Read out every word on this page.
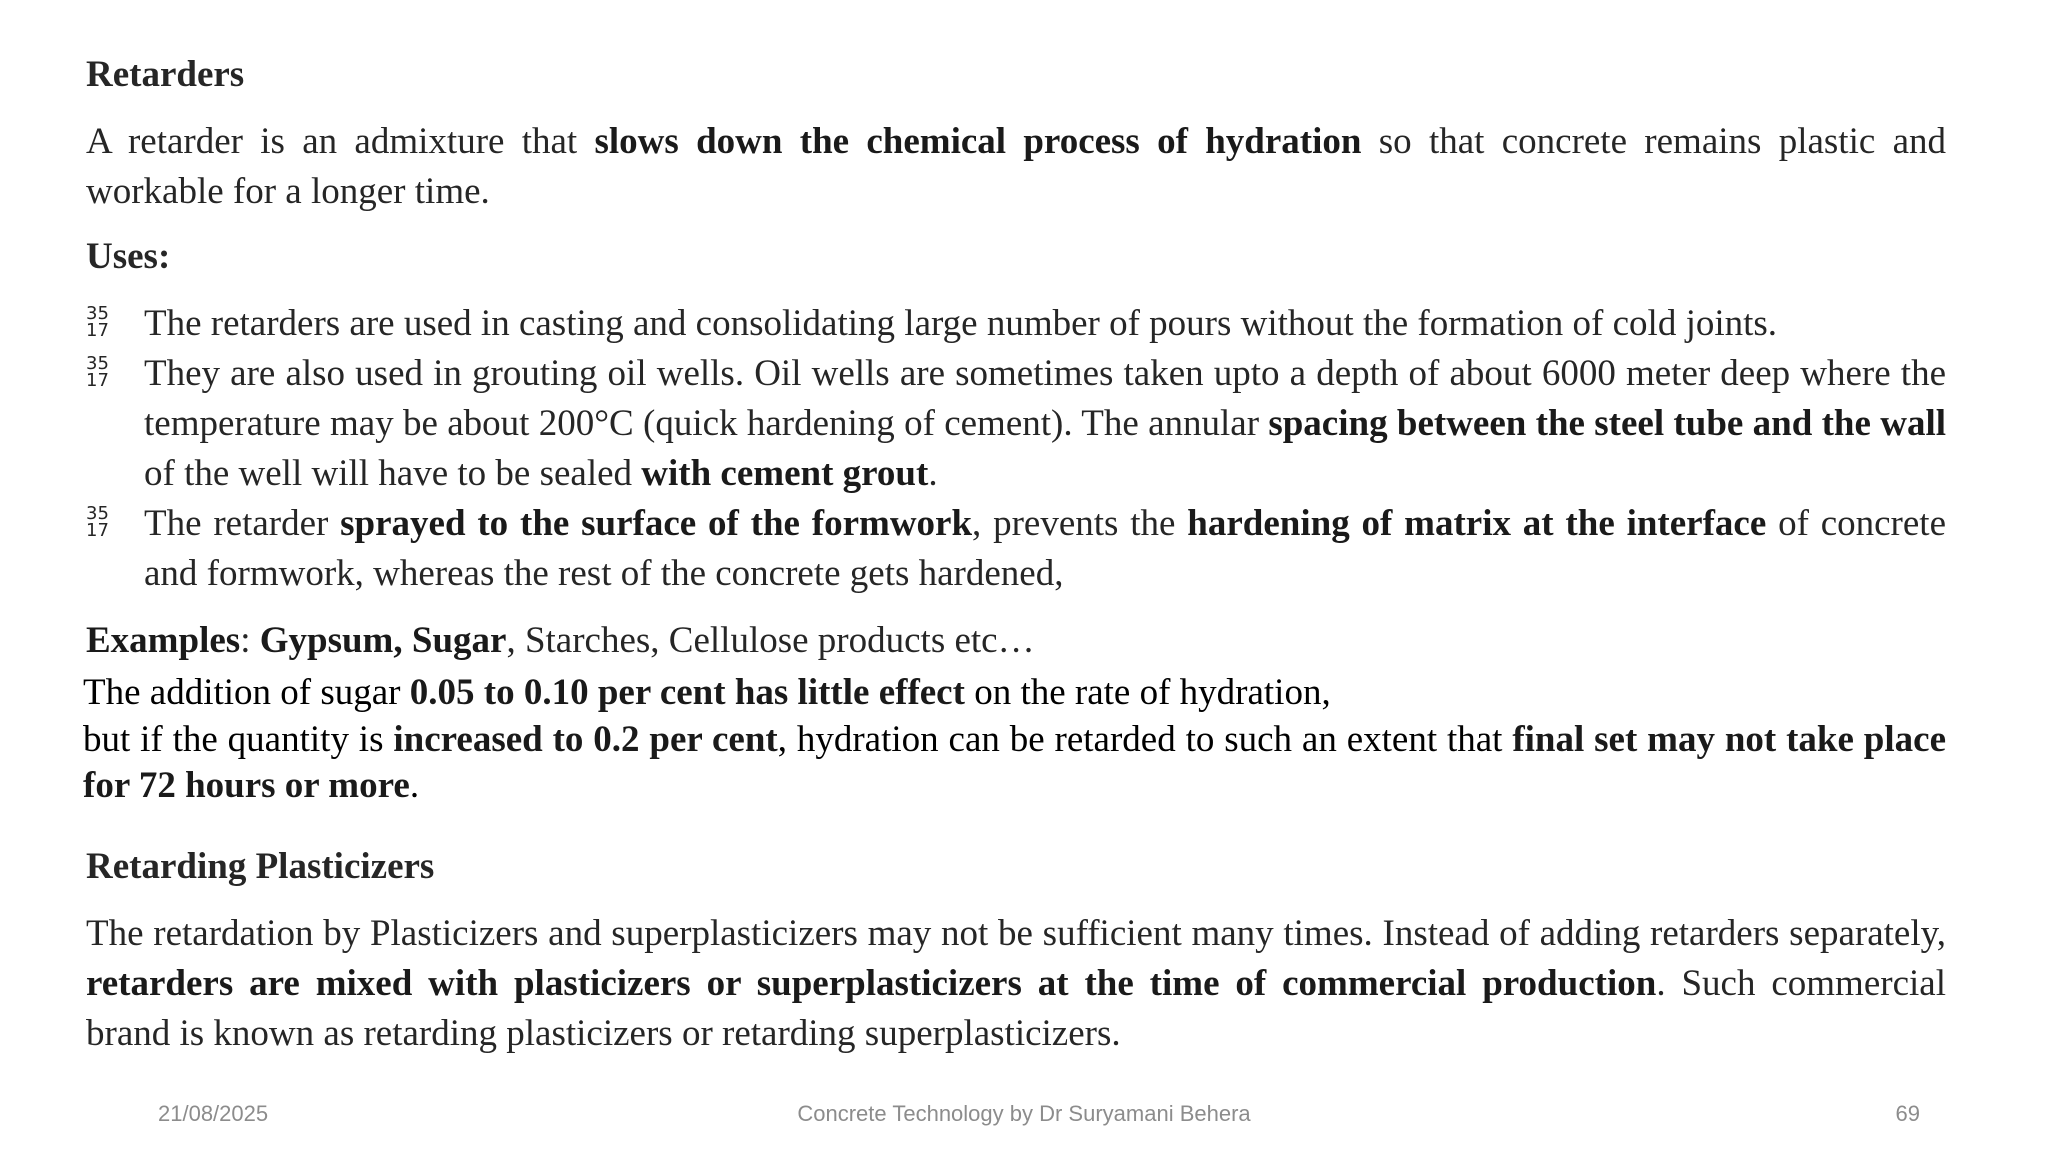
Retarders
A retarder is an admixture that slows down the chemical process of hydration so that concrete remains plastic and workable for a longer time.
Uses:
35
17 The retarders are used in casting and consolidating large number of pours without the formation of cold joints.
35
17 They are also used in grouting oil wells. Oil wells are sometimes taken upto a depth of about 6000 meter deep where the temperature may be about 200°C (quick hardening of cement). The annular spacing between the steel tube and the wall of the well will have to be sealed with cement grout.
35
17 The retarder sprayed to the surface of the formwork, prevents the hardening of matrix at the interface of concrete and formwork, whereas the rest of the concrete gets hardened,
Examples: Gypsum, Sugar, Starches, Cellulose products etc…
The addition of sugar 0.05 to 0.10 per cent has little effect on the rate of hydration,
but if the quantity is increased to 0.2 per cent, hydration can be retarded to such an extent that final set may not take place for 72 hours or more.
Retarding Plasticizers
The retardation by Plasticizers and superplasticizers may not be sufficient many times. Instead of adding retarders separately, retarders are mixed with plasticizers or superplasticizers at the time of commercial production. Such commercial brand is known as retarding plasticizers or retarding superplasticizers.
21/08/2025	Concrete Technology by Dr Suryamani Behera	69
